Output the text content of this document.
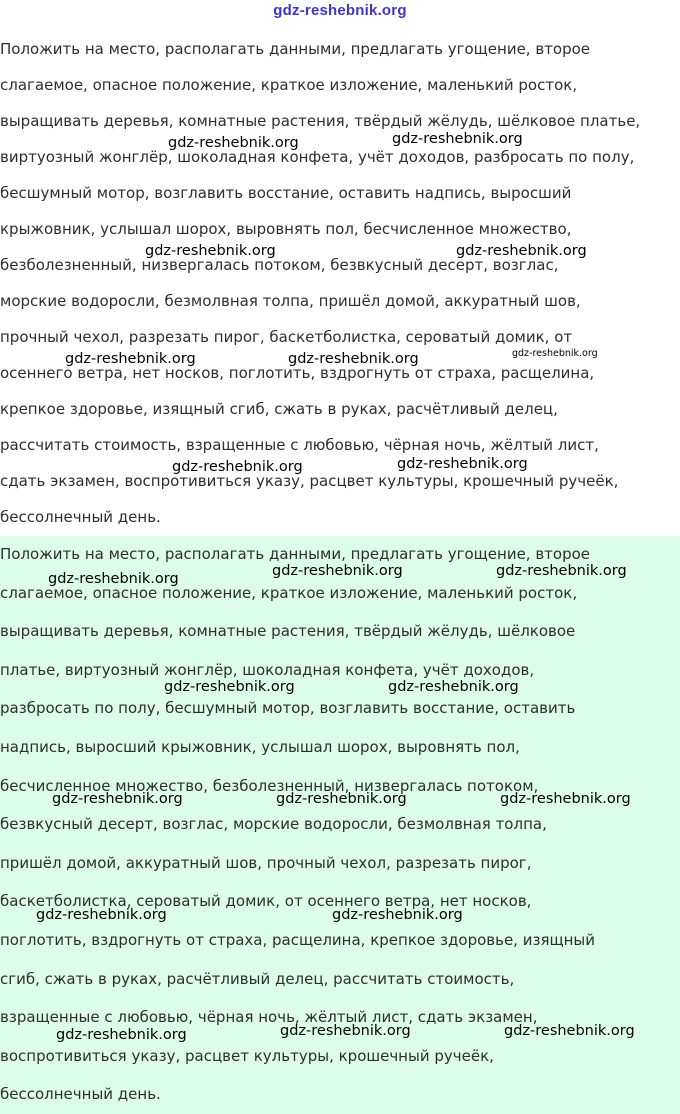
gdz-reshebnik.org
Положить на место, располагать данными, предлагать угощение, второе
слагаемое, опасное положение, краткое изложение, маленький росток,
выращивать деревья, комнатные растения, твёрдый жёлудь, шёлковое платье,
виртуозный жонглёр, шоколадная конфета, учёт доходов, разбросать по полу,
бесшумный мотор, возглавить восстание, оставить надпись, выросший
крыжовник, услышал шорох, выровнять пол, бесчисленное множество,
безболезненный, низвергалась потоком, безвкусный десерт, возглас,
морские водоросли, безмолвная толпа, пришёл домой, аккуратный шов,
прочный чехол, разрезать пирог, баскетболистка, сероватый домик, от
осеннего ветра, нет носков, поглотить, вздрогнуть от страха, расщелина,
крепкое здоровье, изящный сгиб, сжать в руках, расчётливый делец,
рассчитать стоимость, взращенные с любовью, чёрная ночь, жёлтый лист,
сдать экзамен, воспротивиться указу, расцвет культуры, крошечный ручеёк,
бессолнечный день.
Положить на место, располагать данными, предлагать угощение, второе
слагаемое, опасное положение, краткое изложение, маленький росток,
выращивать деревья, комнатные растения, твёрдый жёлудь, шёлковое
платье, виртуозный жонглёр, шоколадная конфета, учёт доходов,
разбросать по полу, бесшумный мотор, возглавить восстание, оставить
надпись, выросший крыжовник, услышал шорох, выровнять пол,
бесчисленное множество, безболезненный, низвергалась потоком,
безвкусный десерт, возглас, морские водоросли, безмолвная толпа,
пришёл домой, аккуратный шов, прочный чехол, разрезать пирог,
баскетболистка, сероватый домик, от осеннего ветра, нет носков,
поглотить, вздрогнуть от страха, расщелина, крепкое здоровье, изящный
сгиб, сжать в руках, расчётливый делец, рассчитать стоимость,
взращенные с любовью, чёрная ночь, жёлтый лист, сдать экзамен,
воспротивиться указу, расцвет культуры, крошечный ручеёк,
бессолнечный день.
gdz-reshebnik.org
gdz-reshebnik.org
gdz-reshebnik.org	gdz-reshebnik.org
gdz-reshebnik.org	gdz-reshebnik.org	gdz-reshebnik.org
gdz-reshebnik.org	gdz-reshebnik.org
gdz-reshebnik.org	gdz-reshebnik.org
gdz-reshebnik.org
gdz-reshebnik.org	gdz-reshebnik.org
gdz-reshebnik.org	gdz-reshebnik.org	gdz-reshebnik.org
gdz-reshebnik.org	gdz-reshebnik.org
gdz-reshebnik.org	gdz-reshebnik.org	gdz-reshebnik.org
